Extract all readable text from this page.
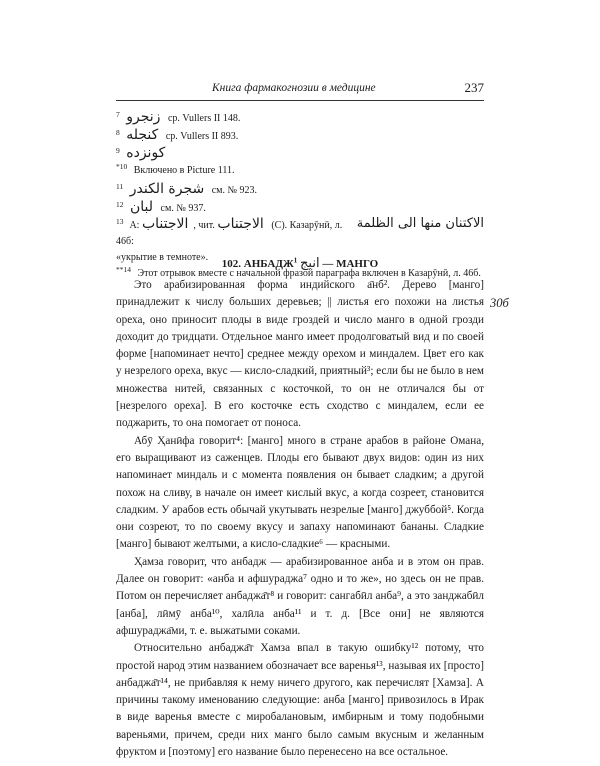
Книга фармакогнозии в медицине	237
$^7$ زنجرو ср. Vullers II 148.
$^8$ كنجله ср. Vullers II 893.
$^9$ كونزده
$^{*10}$ Включено в Picture 111.
$^{11}$ شجرة الكندر см. № 923.
$^{12}$ لبان см. № 937.
الاكتنان منها الى الظلمة
$^{13}$ A: الاجتناب , чит. الاجتناب (С). Казарӯнӣ, л. 46б:
«укрытие в темноте».
$^{**14}$ Этот отрывок вместе с начальной фразой параграфа включен в Казарӯнӣ, л. 46б.
102. АНБАДЖ$^1$ انبج — МАНГО
30б

Это арабизированная форма индийского а̄нб². Дерево [манго] принадлежит к числу больших деревьев; || листья его похожи на листья ореха, оно приносит плоды в виде гроздей и число манго в одной грозди доходит до тридцати. Отдельное манго имеет продолговатый вид и по своей форме [напоминает нечто] среднее между орехом и миндалем. Цвет его как у незрелого ореха, вкус — кисло-сладкий, приятный³; если бы не было в нем множества нитей, связанных с косточкой, то он не отличался бы от [незрелого ореха]. В его косточке есть сходство с миндалем, если ее поджарить, то она помогает от поноса.

Абӯ Ҳанӣфа говорит⁴: [манго] много в стране арабов в районе Омана, его выращивают из саженцев. Плоды его бывают двух видов: один из них напоминает миндаль и с момента появления он бывает сладким; а другой похож на сливу, в начале он имеет кислый вкус, а когда созреет, становится сладким. У арабов есть обычай укутывать незрелые [манго] джуббой⁵. Когда они созреют, то по своему вкусу и запаху напоминают бананы. Сладкие [манго] бывают желтыми, а кисло-сладкие⁶ — красными.

Ҳамза говорит, что анбадж — арабизированное анба и в этом он прав. Далее он говорит: «анба и афшураджа⁷ одно и то же», но здесь он не прав. Потом он перечисляет анбаджа̄т⁸ и говорит: сангабӣл анба⁹, а это занджабӣл [анба], лӣмӯ анба¹⁰, халӣла анба¹¹ и т. д. [Все они] не являются афшураджа̄ми, т. е. выжатыми соками.

Относительно анбаджа̄т Хамза впал в такую ошибку¹² потому, что простой народ этим названием обозначает все варенья¹³, называя их [просто] анбаджа̄т¹⁴, не прибавляя к нему ничего другого, как перечислят [Хамза]. А причины такому именованию следующие: анба [манго] привозилось в Ирак в виде варенья вместе с миробалановым, имбирным и тому подобными вареньями, причем, среди них манго было самым вкусным и желанным фруктом и [поэтому] его название было перенесено на все остальное.
